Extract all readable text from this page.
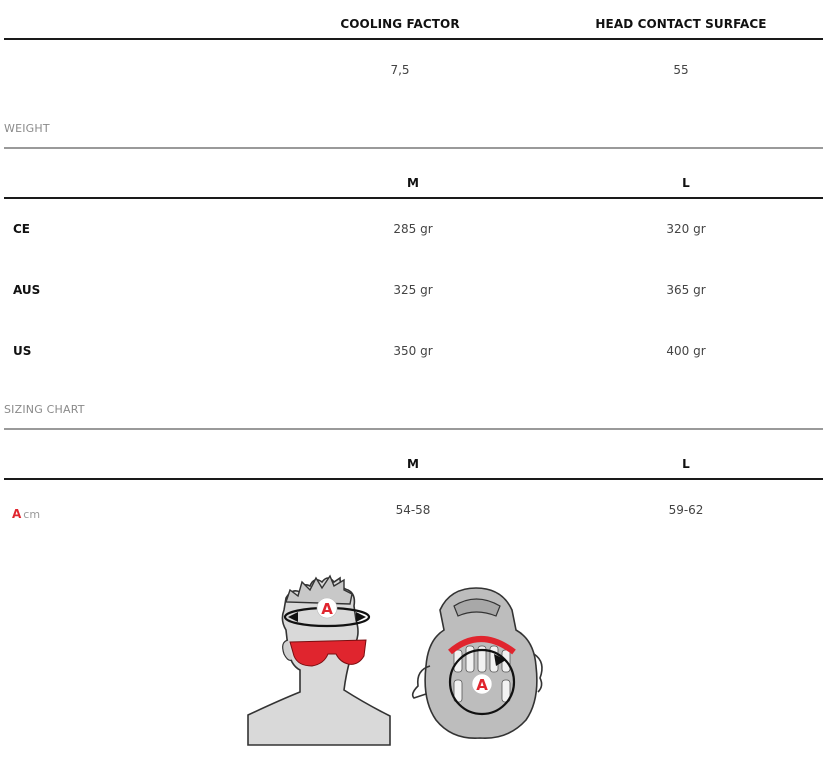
COOLING FACTOR	HEAD CONTACT SURFACE
7,5	55
WEIGHT
M	L
CE	285 gr	320 gr
AUS	325 gr	365 gr
US	350 gr	400 gr
SIZING CHART
M	L
A cm	54-58	59-62
A
A
